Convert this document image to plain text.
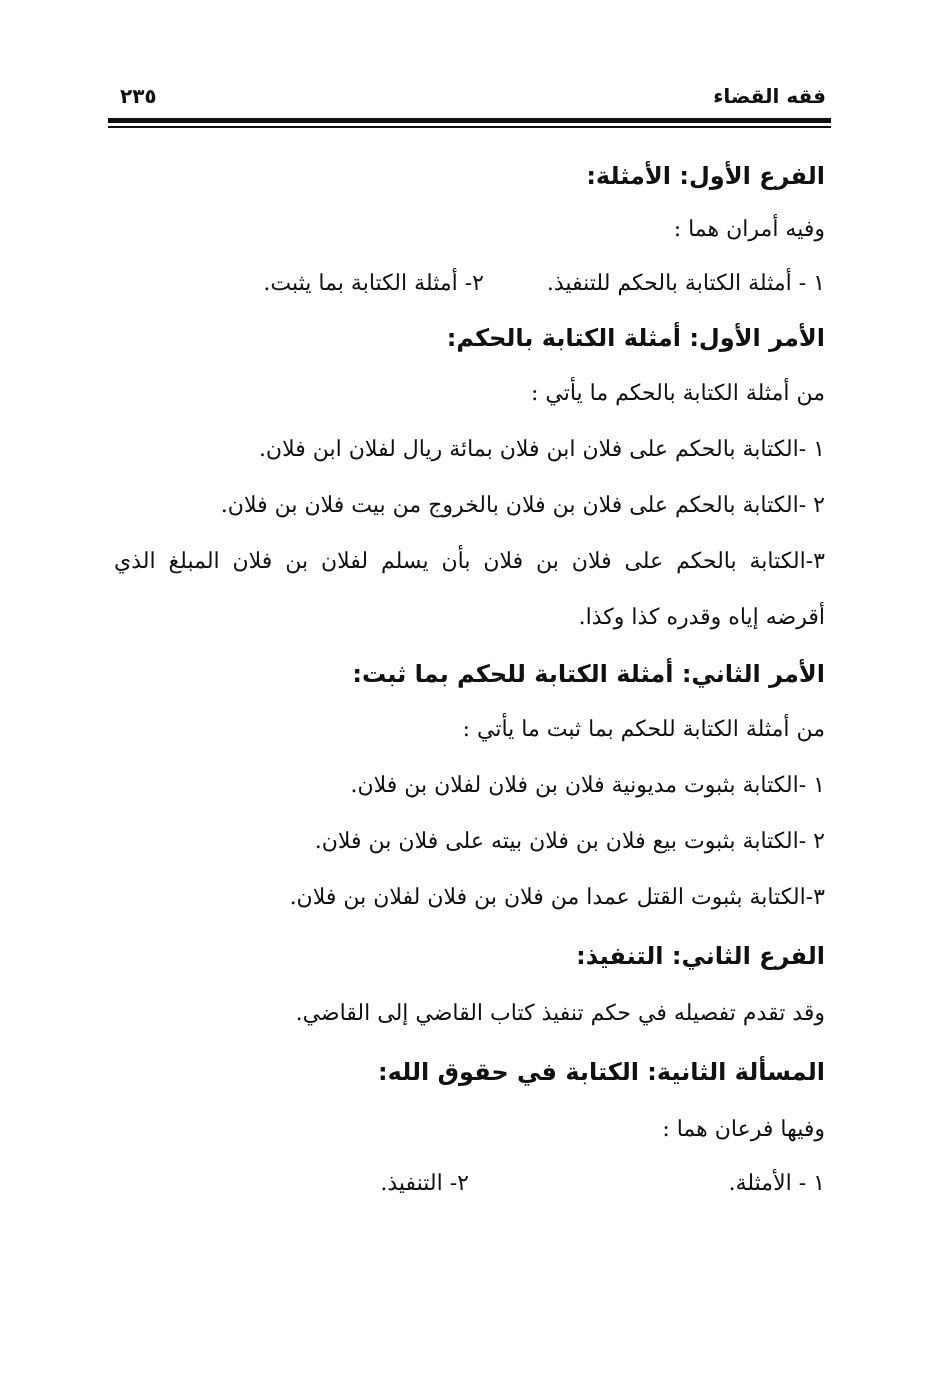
فقه القضاء
٢٣٥
الفرع الأول: الأمثلة:
وفيه أمران هما :
١ - أمثلة الكتابة بالحكم للتنفيذ.
٢- أمثلة الكتابة بما يثبت.
الأمر الأول: أمثلة الكتابة بالحكم:
من أمثلة الكتابة بالحكم ما يأتي :
١ -الكتابة بالحكم على فلان ابن فلان بمائة ريال لفلان ابن فلان.
٢ -الكتابة بالحكم على فلان بن فلان بالخروج من بيت فلان بن فلان.
٣-الكتابة بالحكم على فلان بن فلان بأن يسلم لفلان بن فلان المبلغ الذي
أقرضه إياه وقدره كذا وكذا.
الأمر الثاني: أمثلة الكتابة للحكم بما ثبت:
من أمثلة الكتابة للحكم بما ثبت ما يأتي :
١ -الكتابة بثبوت مديونية فلان بن فلان لفلان بن فلان.
٢ -الكتابة بثبوت بيع فلان بن فلان بيته على فلان بن فلان.
٣-الكتابة بثبوت القتل عمدا من فلان بن فلان لفلان بن فلان.
الفرع الثاني: التنفيذ:
وقد تقدم تفصيله في حكم تنفيذ كتاب القاضي إلى القاضي.
المسألة الثانية: الكتابة في حقوق الله:
وفيها فرعان هما :
١ - الأمثلة.
٢- التنفيذ.
